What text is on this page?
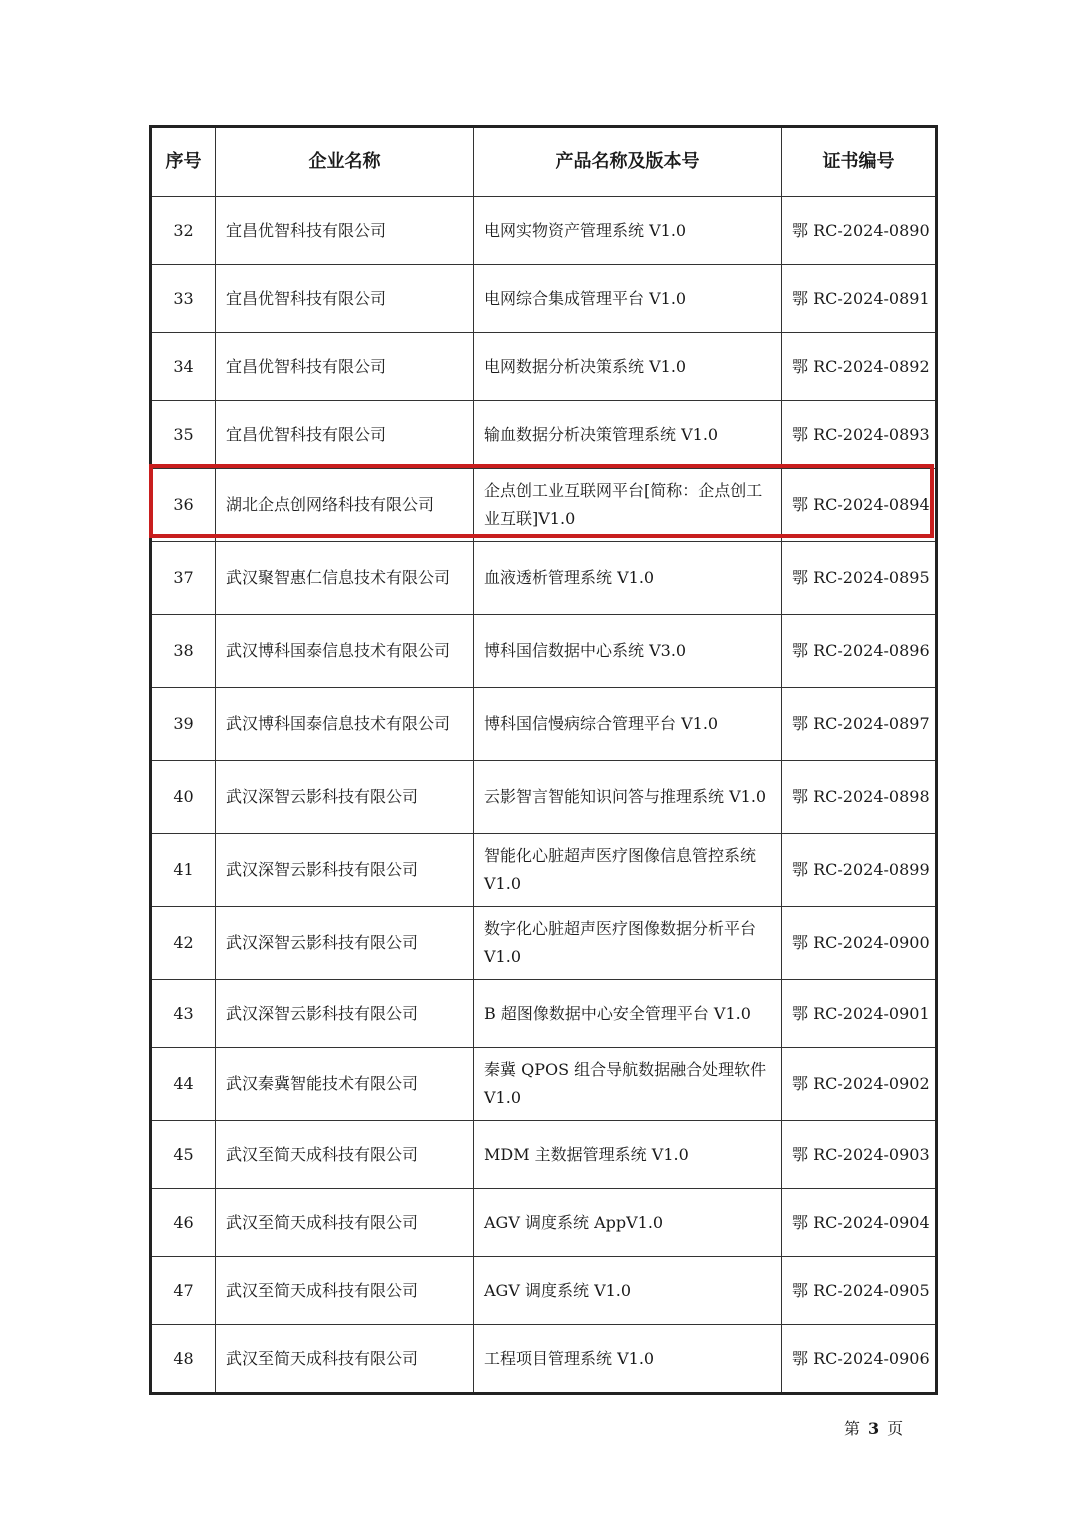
序号	企业名称	产品名称及版本号	证书编号
32	宜昌优智科技有限公司	电网实物资产管理系统 V1.0	鄂 RC-2024-0890
33	宜昌优智科技有限公司	电网综合集成管理平台 V1.0	鄂 RC-2024-0891
34	宜昌优智科技有限公司	电网数据分析决策系统 V1.0	鄂 RC-2024-0892
35	宜昌优智科技有限公司	输血数据分析决策管理系统 V1.0	鄂 RC-2024-0893
36	湖北企点创网络科技有限公司	企点创工业互联网平台[简称：企点创工业互联]V1.0	鄂 RC-2024-0894
37	武汉聚智惠仁信息技术有限公司	血液透析管理系统 V1.0	鄂 RC-2024-0895
38	武汉博科国泰信息技术有限公司	博科国信数据中心系统 V3.0	鄂 RC-2024-0896
39	武汉博科国泰信息技术有限公司	博科国信慢病综合管理平台 V1.0	鄂 RC-2024-0897
40	武汉深智云影科技有限公司	云影智言智能知识问答与推理系统 V1.0	鄂 RC-2024-0898
41	武汉深智云影科技有限公司	智能化心脏超声医疗图像信息管控系统 V1.0	鄂 RC-2024-0899
42	武汉深智云影科技有限公司	数字化心脏超声医疗图像数据分析平台 V1.0	鄂 RC-2024-0900
43	武汉深智云影科技有限公司	B 超图像数据中心安全管理平台 V1.0	鄂 RC-2024-0901
44	武汉秦冀智能技术有限公司	秦冀 QPOS 组合导航数据融合处理软件 V1.0	鄂 RC-2024-0902
45	武汉至简天成科技有限公司	MDM 主数据管理系统 V1.0	鄂 RC-2024-0903
46	武汉至简天成科技有限公司	AGV 调度系统 AppV1.0	鄂 RC-2024-0904
47	武汉至简天成科技有限公司	AGV 调度系统 V1.0	鄂 RC-2024-0905
48	武汉至简天成科技有限公司	工程项目管理系统 V1.0	鄂 RC-2024-0906
第 3 页
